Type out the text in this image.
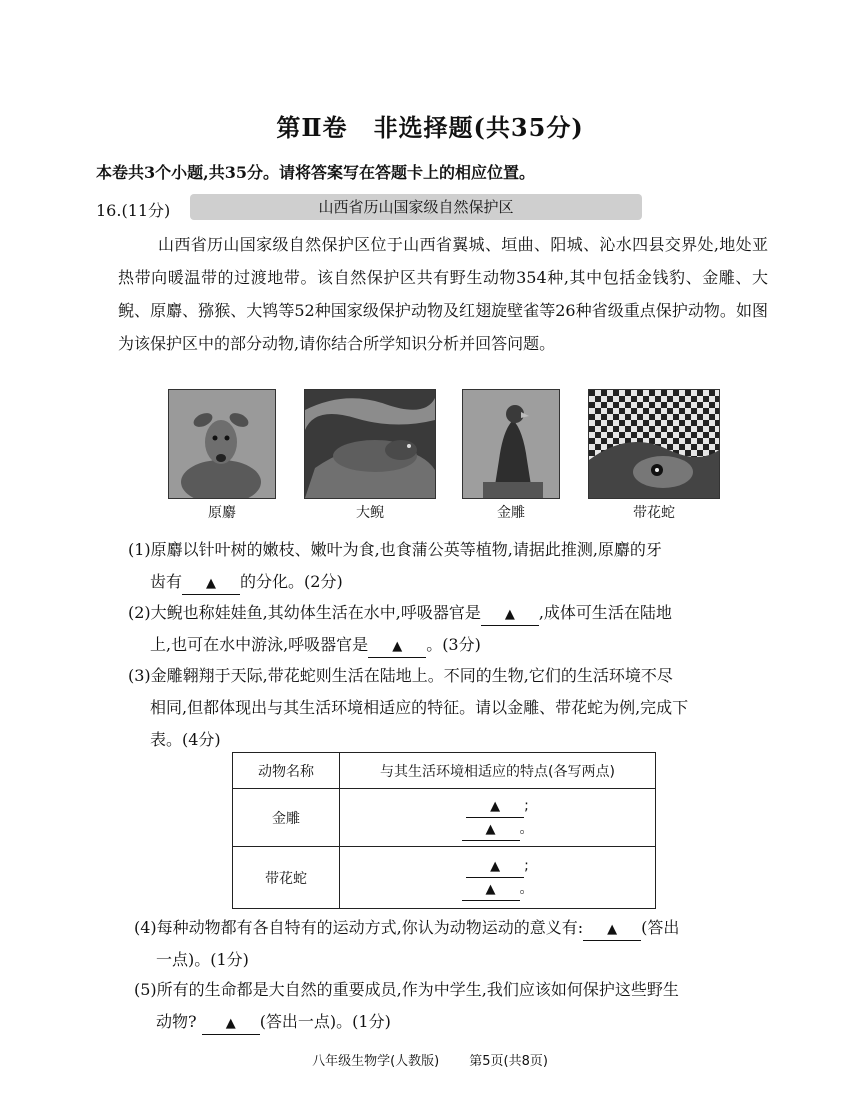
第Ⅱ卷 非选择题(共35分)
本卷共3个小题,共35分。请将答案写在答题卡上的相应位置。
16.(11分)	山西省历山国家级自然保护区
山西省历山国家级自然保护区位于山西省翼城、垣曲、阳城、沁水四县交界处,地处亚热带向暖温带的过渡地带。该自然保护区共有野生动物354种,其中包括金钱豹、金雕、大鲵、原麝、猕猴、大鸨等52种国家级保护动物及红翅旋壁雀等26种省级重点保护动物。如图为该保护区中的部分动物,请你结合所学知识分析并回答问题。
原麝	大鲵	金雕	带花蛇
(1)原麝以针叶树的嫩枝、嫩叶为食,也食蒲公英等植物,请据此推测,原麝的牙
齿有 ▲ 的分化。(2分)
(2)大鲵也称娃娃鱼,其幼体生活在水中,呼吸器官是 ▲ ,成体可生活在陆地
上,也可在水中游泳,呼吸器官是 ▲ 。(3分)
(3)金雕翱翔于天际,带花蛇则生活在陆地上。不同的生物,它们的生活环境不尽
相同,但都体现出与其生活环境相适应的特征。请以金雕、带花蛇为例,完成下
表。(4分)
动物名称	与其生活环境相适应的特点(各写两点)
金雕	▲ ;
▲ 。

带花蛇	▲ ;
▲ 。
(4)每种动物都有各自特有的运动方式,你认为动物运动的意义有: ▲ (答出
一点)。(1分)
(5)所有的生命都是大自然的重要成员,作为中学生,我们应该如何保护这些野生
动物? ▲ (答出一点)。(1分)
八年级生物学(人教版) 第5页(共8页)
